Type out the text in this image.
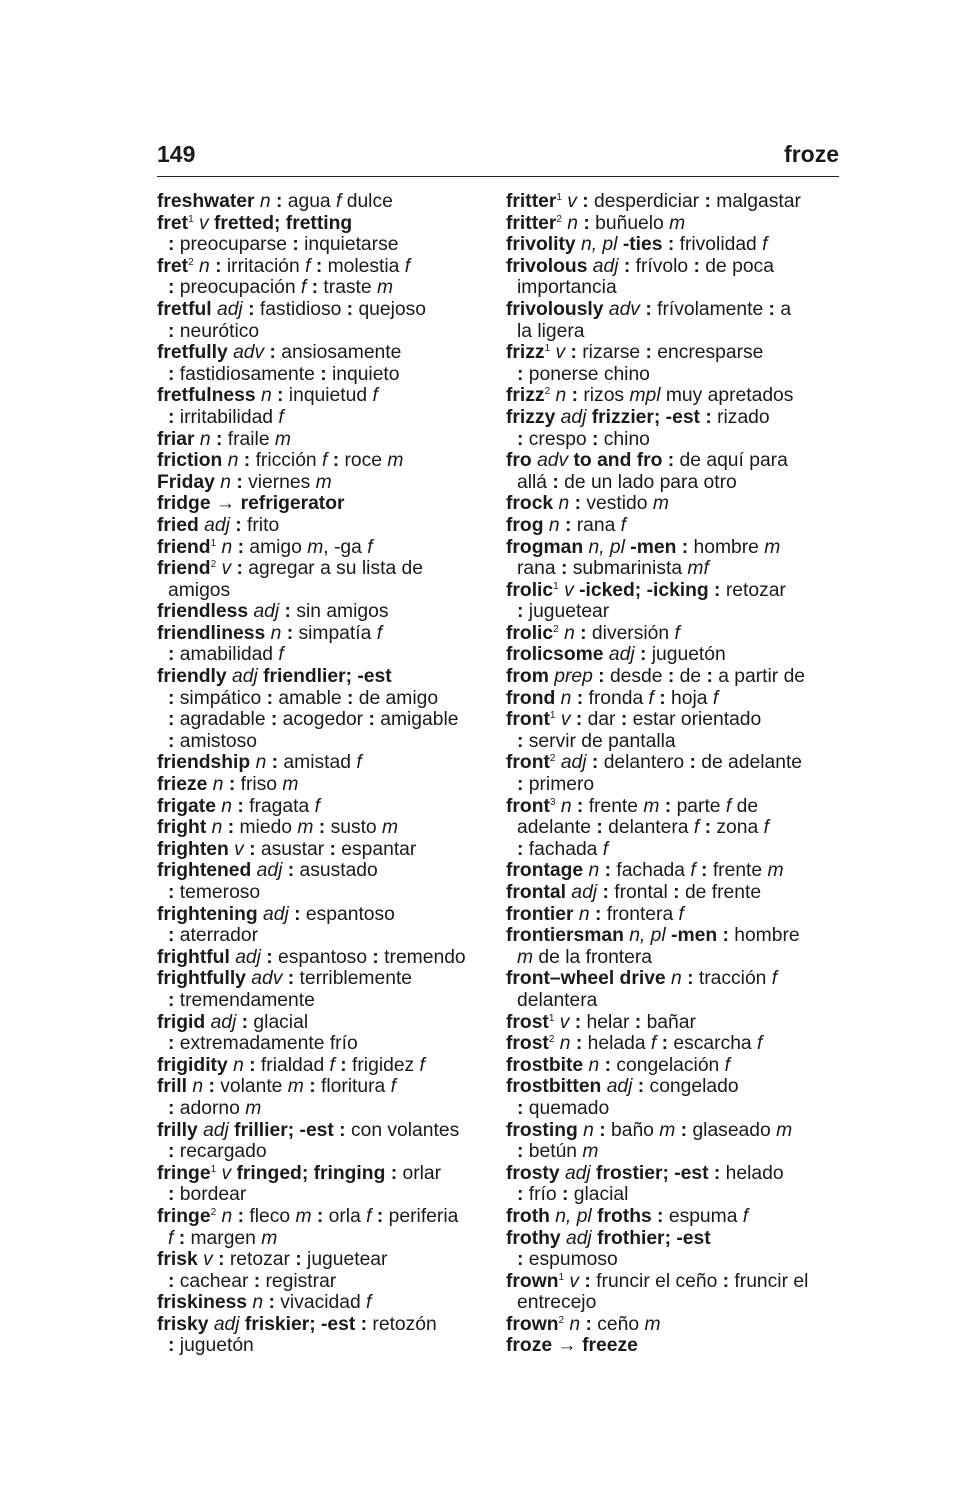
149	froze
freshwater n : agua f dulce
fret$^1$ v fretted; fretting
: preocuparse : inquietarse
fret$^2$ n : irritación f : molestia f
: preocupación f : traste m
fretful adj : fastidioso : quejoso
: neurótico
fretfully adv : ansiosamente
: fastidiosamente : inquieto
fretfulness n : inquietud f
: irritabilidad f
friar n : fraile m
friction n : fricción f : roce m
Friday n : viernes m
fridge → refrigerator
fried adj : frito
friend$^1$ n : amigo m, -ga f
friend$^2$ v : agregar a su lista de
amigos
friendless adj : sin amigos
friendliness n : simpatía f
: amabilidad f
friendly adj friendlier; -est
: simpático : amable : de amigo
: agradable : acogedor : amigable
: amistoso
friendship n : amistad f
frieze n : friso m
frigate n : fragata f
fright n : miedo m : susto m
frighten v : asustar : espantar
frightened adj : asustado
: temeroso
frightening adj : espantoso
: aterrador
frightful adj : espantoso : tremendo
frightfully adv : terriblemente
: tremendamente
frigid adj : glacial
: extremadamente frío
frigidity n : frialdad f : frigidez f
frill n : volante m : floritura f
: adorno m
frilly adj frillier; -est : con volantes
: recargado
fringe$^1$ v fringed; fringing : orlar
: bordear
fringe$^2$ n : fleco m : orla f : periferia
f : margen m
frisk v : retozar : juguetear
: cachear : registrar
friskiness n : vivacidad f
frisky adj friskier; -est : retozón
: juguetón
fritter$^1$ v : desperdiciar : malgastar
fritter$^2$ n : buñuelo m
frivolity n, pl -ties : frivolidad f
frivolous adj : frívolo : de poca
importancia
frivolously adv : frívolamente : a
la ligera
frizz$^1$ v : rizarse : encresparse
: ponerse chino
frizz$^2$ n : rizos mpl muy apretados
frizzy adj frizzier; -est : rizado
: crespo : chino
fro adv to and fro : de aquí para
allá : de un lado para otro
frock n : vestido m
frog n : rana f
frogman n, pl -men : hombre m
rana : submarinista mf
frolic$^1$ v -icked; -icking : retozar
: juguetear
frolic$^2$ n : diversión f
frolicsome adj : juguetón
from prep : desde : de : a partir de
frond n : fronda f : hoja f
front$^1$ v : dar : estar orientado
: servir de pantalla
front$^2$ adj : delantero : de adelante
: primero
front$^3$ n : frente m : parte f de
adelante : delantera f : zona f
: fachada f
frontage n : fachada f : frente m
frontal adj : frontal : de frente
frontier n : frontera f
frontiersman n, pl -men : hombre
m de la frontera
front–wheel drive n : tracción f
delantera
frost$^1$ v : helar : bañar
frost$^2$ n : helada f : escarcha f
frostbite n : congelación f
frostbitten adj : congelado
: quemado
frosting n : baño m : glaseado m
: betún m
frosty adj frostier; -est : helado
: frío : glacial
froth n, pl froths : espuma f
frothy adj frothier; -est
: espumoso
frown$^1$ v : fruncir el ceño : fruncir el
entrecejo
frown$^2$ n : ceño m
froze → freeze
